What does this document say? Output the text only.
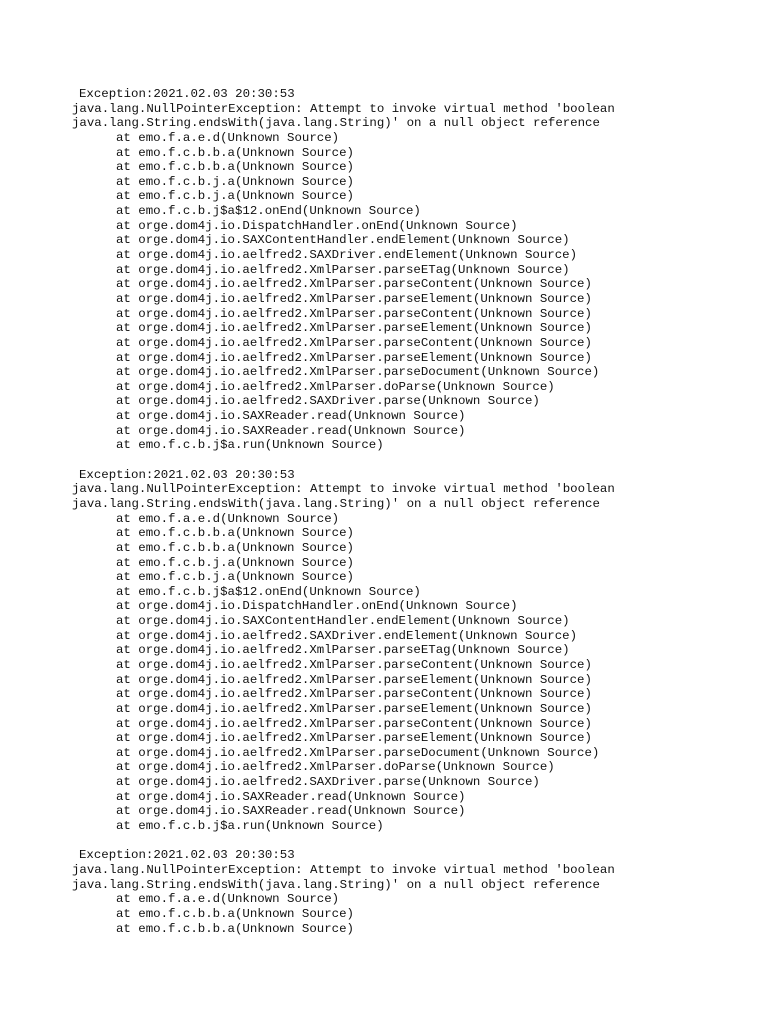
Exception:2021.02.03 20:30:53
java.lang.NullPointerException: Attempt to invoke virtual method 'boolean
java.lang.String.endsWith(java.lang.String)' on a null object reference
at emo.f.a.e.d(Unknown Source)
at emo.f.c.b.b.a(Unknown Source)
at emo.f.c.b.b.a(Unknown Source)
at emo.f.c.b.j.a(Unknown Source)
at emo.f.c.b.j.a(Unknown Source)
at emo.f.c.b.j$a$12.onEnd(Unknown Source)
at orge.dom4j.io.DispatchHandler.onEnd(Unknown Source)
at orge.dom4j.io.SAXContentHandler.endElement(Unknown Source)
at orge.dom4j.io.aelfred2.SAXDriver.endElement(Unknown Source)
at orge.dom4j.io.aelfred2.XmlParser.parseETag(Unknown Source)
at orge.dom4j.io.aelfred2.XmlParser.parseContent(Unknown Source)
at orge.dom4j.io.aelfred2.XmlParser.parseElement(Unknown Source)
at orge.dom4j.io.aelfred2.XmlParser.parseContent(Unknown Source)
at orge.dom4j.io.aelfred2.XmlParser.parseElement(Unknown Source)
at orge.dom4j.io.aelfred2.XmlParser.parseContent(Unknown Source)
at orge.dom4j.io.aelfred2.XmlParser.parseElement(Unknown Source)
at orge.dom4j.io.aelfred2.XmlParser.parseDocument(Unknown Source)
at orge.dom4j.io.aelfred2.XmlParser.doParse(Unknown Source)
at orge.dom4j.io.aelfred2.SAXDriver.parse(Unknown Source)
at orge.dom4j.io.SAXReader.read(Unknown Source)
at orge.dom4j.io.SAXReader.read(Unknown Source)
at emo.f.c.b.j$a.run(Unknown Source)
Exception:2021.02.03 20:30:53
java.lang.NullPointerException: Attempt to invoke virtual method 'boolean
java.lang.String.endsWith(java.lang.String)' on a null object reference
at emo.f.a.e.d(Unknown Source)
at emo.f.c.b.b.a(Unknown Source)
at emo.f.c.b.b.a(Unknown Source)
at emo.f.c.b.j.a(Unknown Source)
at emo.f.c.b.j.a(Unknown Source)
at emo.f.c.b.j$a$12.onEnd(Unknown Source)
at orge.dom4j.io.DispatchHandler.onEnd(Unknown Source)
at orge.dom4j.io.SAXContentHandler.endElement(Unknown Source)
at orge.dom4j.io.aelfred2.SAXDriver.endElement(Unknown Source)
at orge.dom4j.io.aelfred2.XmlParser.parseETag(Unknown Source)
at orge.dom4j.io.aelfred2.XmlParser.parseContent(Unknown Source)
at orge.dom4j.io.aelfred2.XmlParser.parseElement(Unknown Source)
at orge.dom4j.io.aelfred2.XmlParser.parseContent(Unknown Source)
at orge.dom4j.io.aelfred2.XmlParser.parseElement(Unknown Source)
at orge.dom4j.io.aelfred2.XmlParser.parseContent(Unknown Source)
at orge.dom4j.io.aelfred2.XmlParser.parseElement(Unknown Source)
at orge.dom4j.io.aelfred2.XmlParser.parseDocument(Unknown Source)
at orge.dom4j.io.aelfred2.XmlParser.doParse(Unknown Source)
at orge.dom4j.io.aelfred2.SAXDriver.parse(Unknown Source)
at orge.dom4j.io.SAXReader.read(Unknown Source)
at orge.dom4j.io.SAXReader.read(Unknown Source)
at emo.f.c.b.j$a.run(Unknown Source)
Exception:2021.02.03 20:30:53
java.lang.NullPointerException: Attempt to invoke virtual method 'boolean
java.lang.String.endsWith(java.lang.String)' on a null object reference
at emo.f.a.e.d(Unknown Source)
at emo.f.c.b.b.a(Unknown Source)
at emo.f.c.b.b.a(Unknown Source)
